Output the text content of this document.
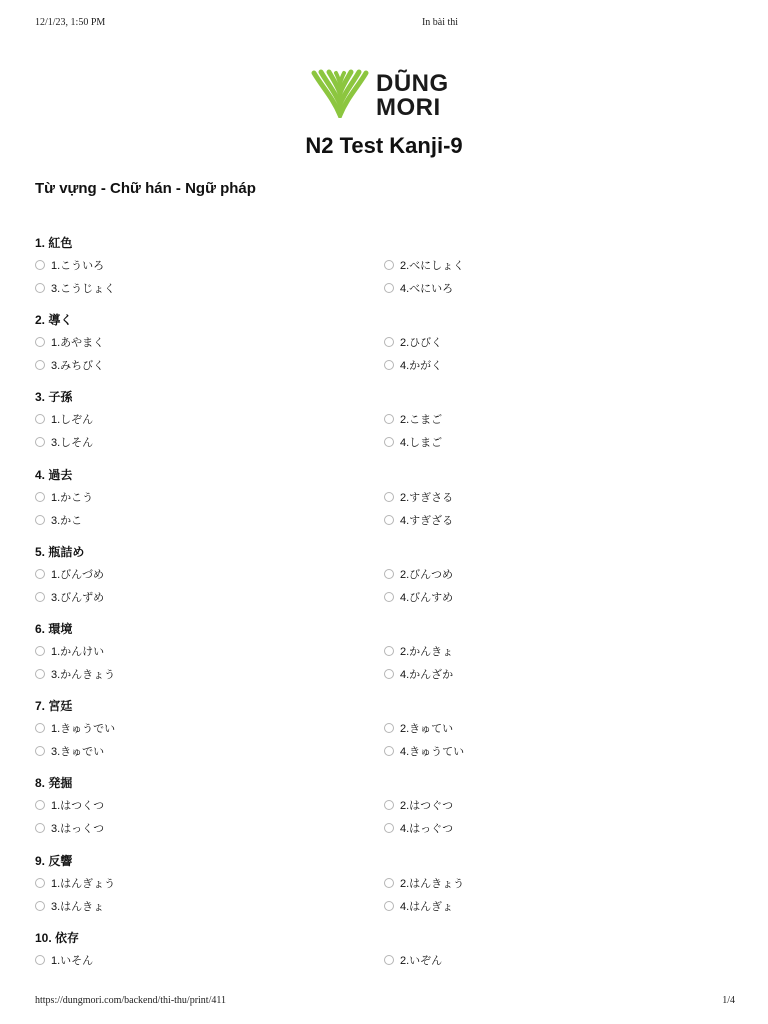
12/1/23, 1:50 PM	In bài thi
DŨNG
MORI
N2 Test Kanji-9
Từ vựng - Chữ hán - Ngữ pháp
1. 紅色
1.こういろ	2.べにしょく
3.こうじょく	4.べにいろ
2. 導く
1.あやまく	2.ひびく
3.みちびく	4.かがく
3. 子孫
1.しぞん	2.こまご
3.しそん	4.しまご
4. 過去
1.かこう	2.すぎさる
3.かこ	4.すぎざる
5. 瓶詰め
1.びんづめ	2.びんつめ
3.びんずめ	4.びんすめ
6. 環境
1.かんけい	2.かんきょ
3.かんきょう	4.かんざか
7. 宮廷
1.きゅうでい	2.きゅてい
3.きゅでい	4.きゅうてい
8. 発掘
1.はつくつ	2.はつぐつ
3.はっくつ	4.はっぐつ
9. 反響
1.はんぎょう	2.はんきょう
3.はんきょ	4.はんぎょ
10. 依存
1.いそん	2.いぞん
https://dungmori.com/backend/thi-thu/print/411	1/4
